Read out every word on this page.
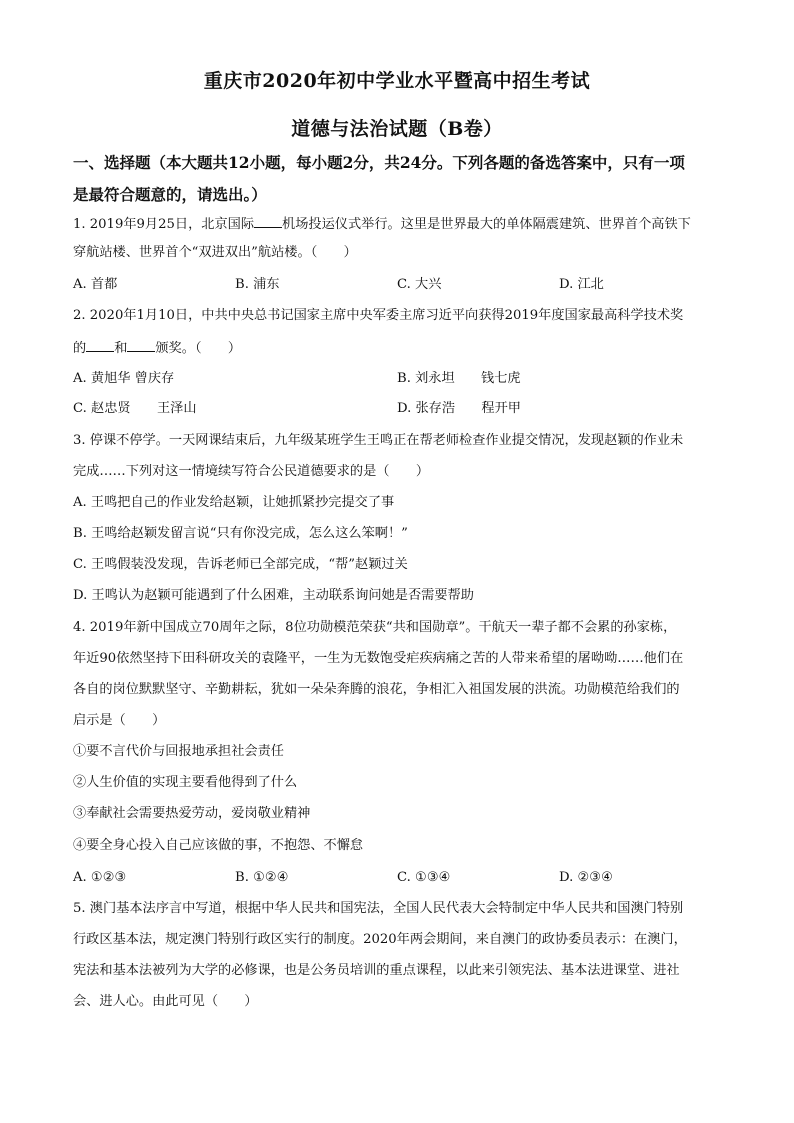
重庆市2020年初中学业水平暨高中招生考试
道德与法治试题（B卷）
一、选择题（本大题共12小题，每小题2分，共24分。下列各题的备选答案中，只有一项
是最符合题意的，请选出。）
1. 2019年9月25日，北京国际 机场投运仪式举行。这里是世界最大的单体隔震建筑、世界首个高铁下
穿航站楼、世界首个“双进双出”航站楼。（　　）
A. 首都	B. 浦东	C. 大兴	D. 江北
2. 2020年1月10日，中共中央总书记国家主席中央军委主席习近平向获得2019年度国家最高科学技术奖
的 和 颁奖。（　　）
A. 黄旭华 曾庆存	B. 刘永坦　　钱七虎
C. 赵忠贤　　王泽山	D. 张存浩　　程开甲
3. 停课不停学。一天网课结束后，九年级某班学生王鸣正在帮老师检查作业提交情况，发现赵颖的作业未
完成……下列对这一情境续写符合公民道德要求的是（　　）
A. 王鸣把自己的作业发给赵颖，让她抓紧抄完提交了事
B. 王鸣给赵颖发留言说“只有你没完成，怎么这么笨啊！”
C. 王鸣假装没发现，告诉老师已全部完成，“帮”赵颖过关
D. 王鸣认为赵颖可能遇到了什么困难，主动联系询问她是否需要帮助
4. 2019年新中国成立70周年之际，8位功勋模范荣获“共和国勋章”。干航天一辈子都不会累的孙家栋，
年近90依然坚持下田科研攻关的袁隆平，一生为无数饱受疟疾病痛之苦的人带来希望的屠呦呦……他们在
各自的岗位默默坚守、辛勤耕耘，犹如一朵朵奔腾的浪花，争相汇入祖国发展的洪流。功勋模范给我们的
启示是（　　）
①要不言代价与回报地承担社会责任
②人生价值的实现主要看他得到了什么
③奉献社会需要热爱劳动，爱岗敬业精神
④要全身心投入自己应该做的事，不抱怨、不懈怠
A. ①②③	B. ①②④	C. ①③④	D. ②③④
5. 澳门基本法序言中写道，根据中华人民共和国宪法，全国人民代表大会特制定中华人民共和国澳门特别
行政区基本法，规定澳门特别行政区实行的制度。2020年两会期间，来自澳门的政协委员表示：在澳门，
宪法和基本法被列为大学的必修课，也是公务员培训的重点课程，以此来引领宪法、基本法进课堂、进社
会、进人心。由此可见（　　）
